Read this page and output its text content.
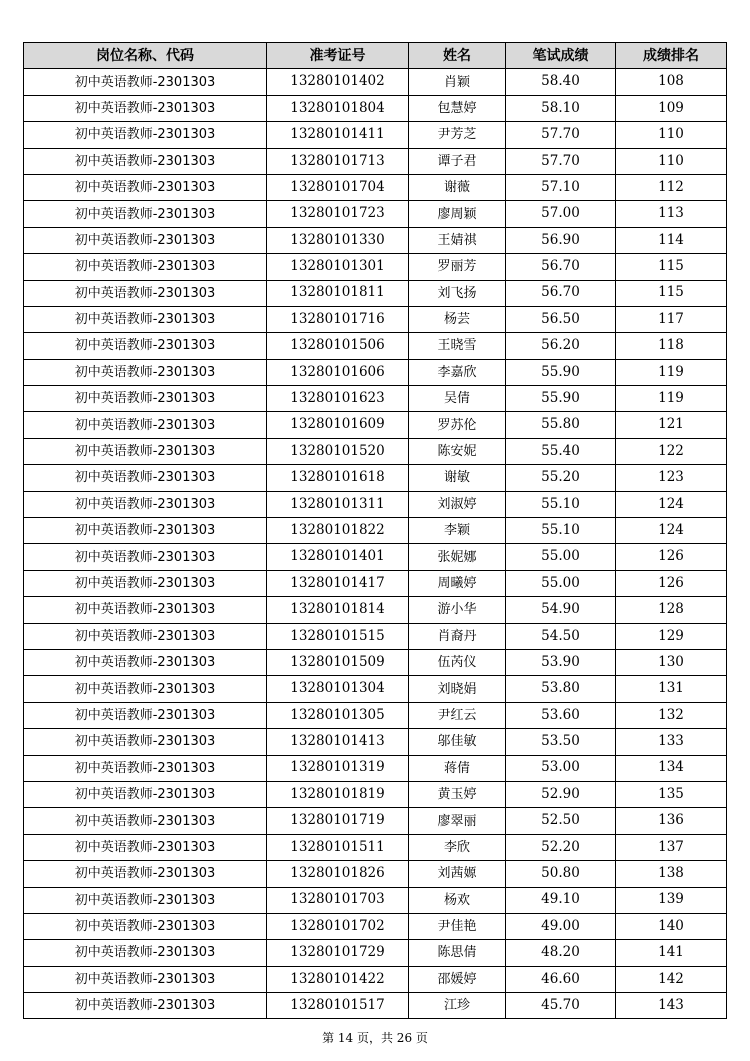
岗位名称、代码	准考证号	姓名	笔试成绩	成绩排名
初中英语教师-2301303	13280101402	肖颖	58.40	108
初中英语教师-2301303	13280101804	包慧婷	58.10	109
初中英语教师-2301303	13280101411	尹芳芝	57.70	110
初中英语教师-2301303	13280101713	谭子君	57.70	110
初中英语教师-2301303	13280101704	谢薇	57.10	112
初中英语教师-2301303	13280101723	廖周颖	57.00	113
初中英语教师-2301303	13280101330	王婧祺	56.90	114
初中英语教师-2301303	13280101301	罗丽芳	56.70	115
初中英语教师-2301303	13280101811	刘飞扬	56.70	115
初中英语教师-2301303	13280101716	杨芸	56.50	117
初中英语教师-2301303	13280101506	王晓雪	56.20	118
初中英语教师-2301303	13280101606	李嘉欣	55.90	119
初中英语教师-2301303	13280101623	吴倩	55.90	119
初中英语教师-2301303	13280101609	罗苏伦	55.80	121
初中英语教师-2301303	13280101520	陈安妮	55.40	122
初中英语教师-2301303	13280101618	谢敏	55.20	123
初中英语教师-2301303	13280101311	刘淑婷	55.10	124
初中英语教师-2301303	13280101822	李颖	55.10	124
初中英语教师-2301303	13280101401	张妮娜	55.00	126
初中英语教师-2301303	13280101417	周曦婷	55.00	126
初中英语教师-2301303	13280101814	游小华	54.90	128
初中英语教师-2301303	13280101515	肖裔丹	54.50	129
初中英语教师-2301303	13280101509	伍芮仪	53.90	130
初中英语教师-2301303	13280101304	刘晓娟	53.80	131
初中英语教师-2301303	13280101305	尹红云	53.60	132
初中英语教师-2301303	13280101413	邬佳敏	53.50	133
初中英语教师-2301303	13280101319	蒋倩	53.00	134
初中英语教师-2301303	13280101819	黄玉婷	52.90	135
初中英语教师-2301303	13280101719	廖翠丽	52.50	136
初中英语教师-2301303	13280101511	李欣	52.20	137
初中英语教师-2301303	13280101826	刘茜嫄	50.80	138
初中英语教师-2301303	13280101703	杨欢	49.10	139
初中英语教师-2301303	13280101702	尹佳艳	49.00	140
初中英语教师-2301303	13280101729	陈思倩	48.20	141
初中英语教师-2301303	13280101422	邵媛婷	46.60	142
初中英语教师-2301303	13280101517	江珍	45.70	143
第 14 页，共 26 页
